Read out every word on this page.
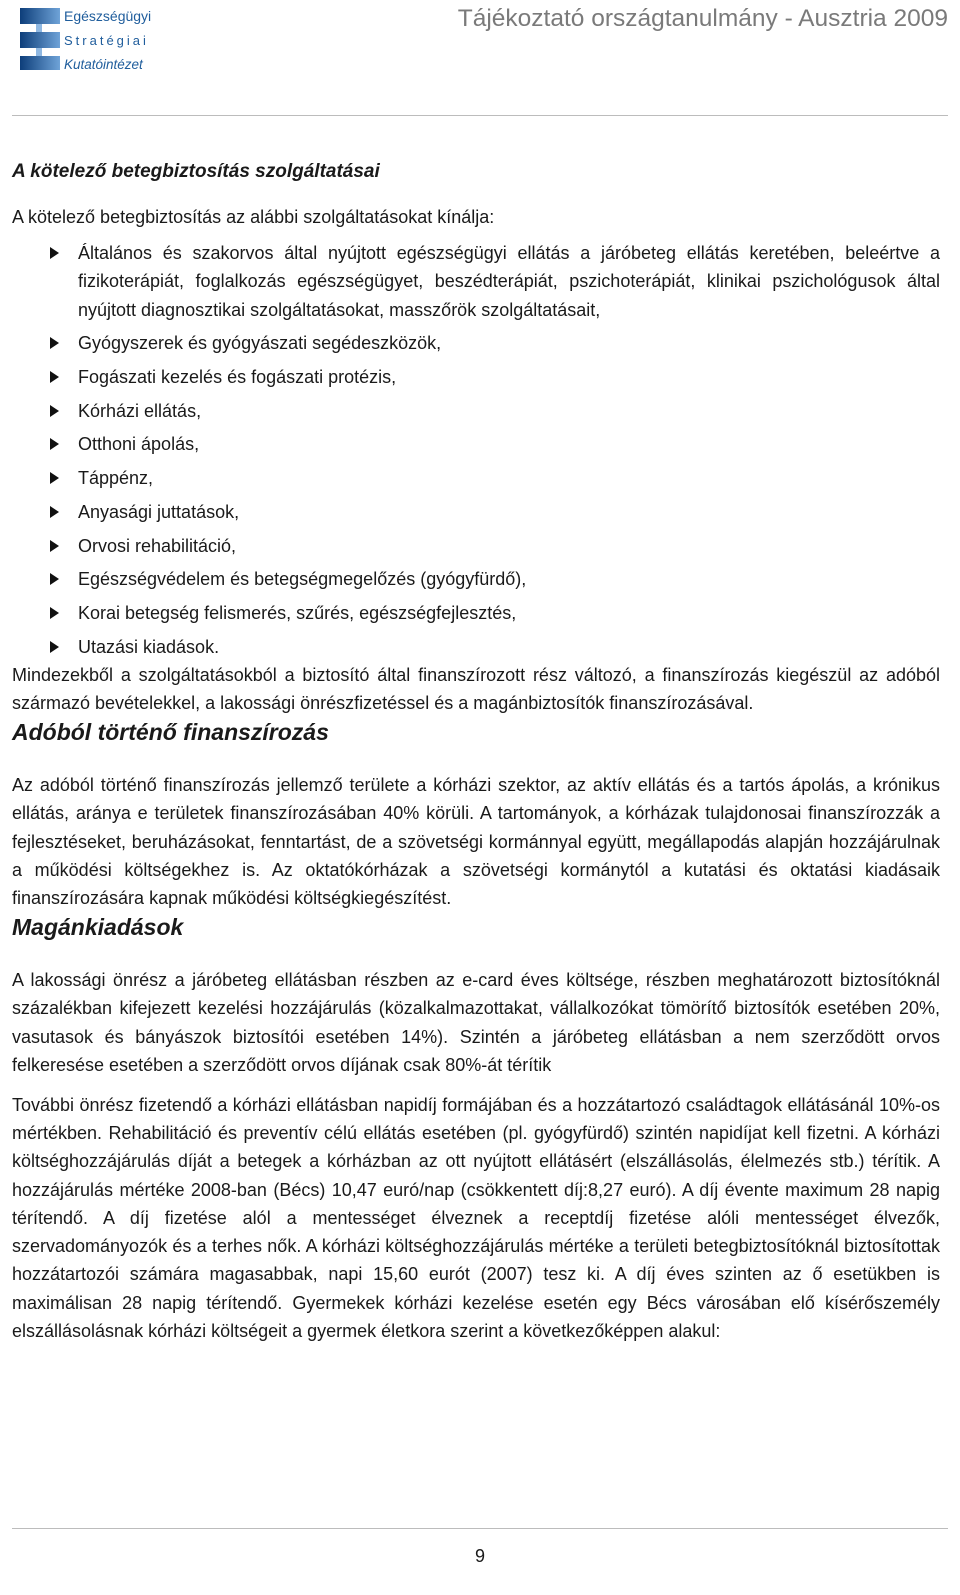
Egészségügyi
Stratégiai
Kutatóintézet
Tájékoztató országtanulmány - Ausztria 2009
A kötelező betegbiztosítás szolgáltatásai

A kötelező betegbiztosítás az alábbi szolgáltatásokat kínálja:

Általános és szakorvos által nyújtott egészségügyi ellátás a járóbeteg ellátás keretében, beleértve a fizikoterápiát, foglalkozás egészségügyet, beszédterápiát, pszichoterápiát, klinikai pszichológusok által nyújtott diagnosztikai szolgáltatásokat, masszőrök szolgáltatásait,
Gyógyszerek és gyógyászati segédeszközök,
Fogászati kezelés és fogászati protézis,
Kórházi ellátás,
Otthoni ápolás,
Táppénz,
Anyasági juttatások,
Orvosi rehabilitáció,
Egészségvédelem és betegségmegelőzés (gyógyfürdő),
Korai betegség felismerés, szűrés, egészségfejlesztés,
Utazási kiadások.

Mindezekből a szolgáltatásokból a biztosító által finanszírozott rész változó, a finanszírozás kiegészül az adóból származó bevételekkel, a lakossági önrészfizetéssel és a magánbiztosítók finanszírozásával.

Adóból történő finanszírozás

Az adóból történő finanszírozás jellemző területe a kórházi szektor, az aktív ellátás és a tartós ápolás, a krónikus ellátás, aránya e területek finanszírozásában 40% körüli. A tartományok, a kórházak tulajdonosai finanszírozzák a fejlesztéseket, beruházásokat, fenntartást, de a szövetségi kormánnyal együtt, megállapodás alapján hozzájárulnak a működési költségekhez is. Az oktatókórházak a szövetségi kormánytól a kutatási és oktatási kiadásaik finanszírozására kapnak működési költségkiegészítést.

Magánkiadások

A lakossági önrész a járóbeteg ellátásban részben az e-card éves költsége, részben meghatározott biztosítóknál százalékban kifejezett kezelési hozzájárulás (közalkalmazottakat, vállalkozókat tömörítő biztosítók esetében 20%, vasutasok és bányászok biztosítói esetében 14%). Szintén a járóbeteg ellátásban a nem szerződött orvos felkeresése esetében a szerződött orvos díjának csak 80%-át térítik

További önrész fizetendő a kórházi ellátásban napidíj formájában és a hozzátartozó családtagok ellátásánál 10%-os mértékben. Rehabilitáció és preventív célú ellátás esetében (pl. gyógyfürdő) szintén napidíjat kell fizetni. A kórházi költséghozzájárulás díját a betegek a kórházban az ott nyújtott ellátásért (elszállásolás, élelmezés stb.) térítik. A hozzájárulás mértéke 2008-ban (Bécs) 10,47 euró/nap (csökkentett díj:8,27 euró). A díj évente maximum 28 napig térítendő. A díj fizetése alól a mentességet élveznek a receptdíj fizetése alóli mentességet élvezők, szervadományozók és a terhes nők. A kórházi költséghozzájárulás mértéke a területi betegbiztosítóknál biztosítottak hozzátartozói számára magasabbak, napi 15,60 eurót (2007) tesz ki. A díj éves szinten az ő esetükben is maximálisan 28 napig térítendő. Gyermekek kórházi kezelése esetén egy Bécs városában elő kísérőszemély elszállásolásnak kórházi költségeit a gyermek életkora szerint a következőképpen alakul:

9
